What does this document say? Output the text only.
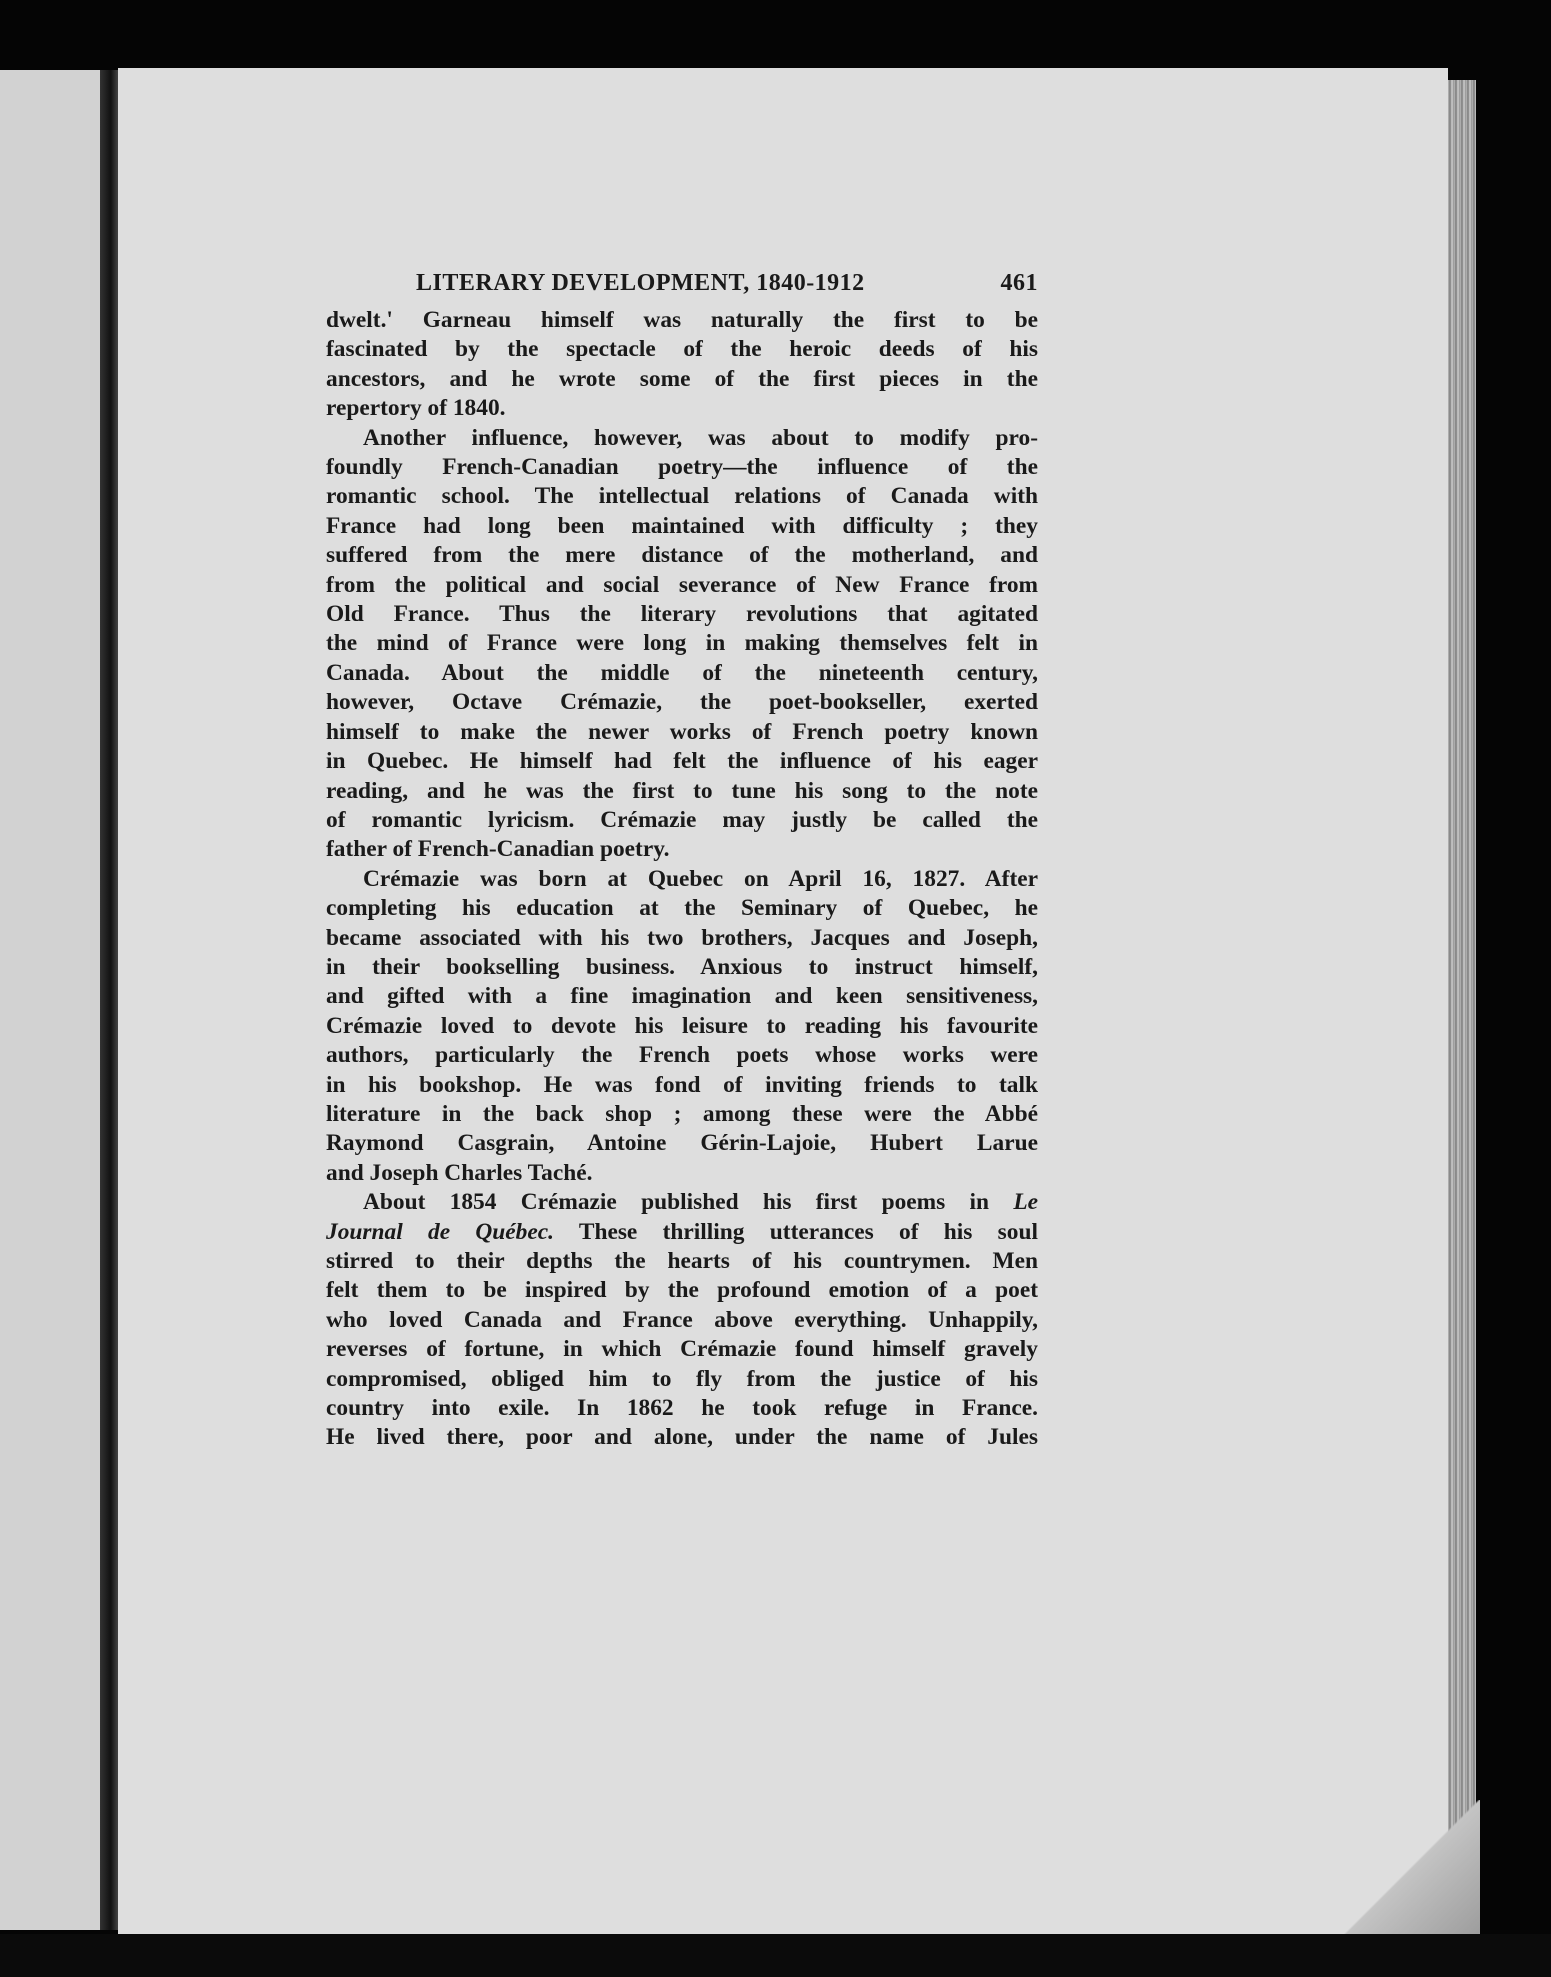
LITERARY DEVELOPMENT, 1840-1912	461
dwelt.' Garneau himself was naturally the first to be
fascinated by the spectacle of the heroic deeds of his
ancestors, and he wrote some of the first pieces in the
repertory of 1840.
Another influence, however, was about to modify pro-
foundly French-Canadian poetry—the influence of the
romantic school. The intellectual relations of Canada with
France had long been maintained with difficulty ; they
suffered from the mere distance of the motherland, and
from the political and social severance of New France from
Old France. Thus the literary revolutions that agitated
the mind of France were long in making themselves felt in
Canada. About the middle of the nineteenth century,
however, Octave Crémazie, the poet-bookseller, exerted
himself to make the newer works of French poetry known
in Quebec. He himself had felt the influence of his eager
reading, and he was the first to tune his song to the note
of romantic lyricism. Crémazie may justly be called the
father of French-Canadian poetry.
Crémazie was born at Quebec on April 16, 1827. After
completing his education at the Seminary of Quebec, he
became associated with his two brothers, Jacques and Joseph,
in their bookselling business. Anxious to instruct himself,
and gifted with a fine imagination and keen sensitiveness,
Crémazie loved to devote his leisure to reading his favourite
authors, particularly the French poets whose works were
in his bookshop. He was fond of inviting friends to talk
literature in the back shop ; among these were the Abbé
Raymond Casgrain, Antoine Gérin-Lajoie, Hubert Larue
and Joseph Charles Taché.
About 1854 Crémazie published his first poems in Le
Journal de Québec. These thrilling utterances of his soul
stirred to their depths the hearts of his countrymen. Men
felt them to be inspired by the profound emotion of a poet
who loved Canada and France above everything. Unhappily,
reverses of fortune, in which Crémazie found himself gravely
compromised, obliged him to fly from the justice of his
country into exile. In 1862 he took refuge in France.
He lived there, poor and alone, under the name of Jules
